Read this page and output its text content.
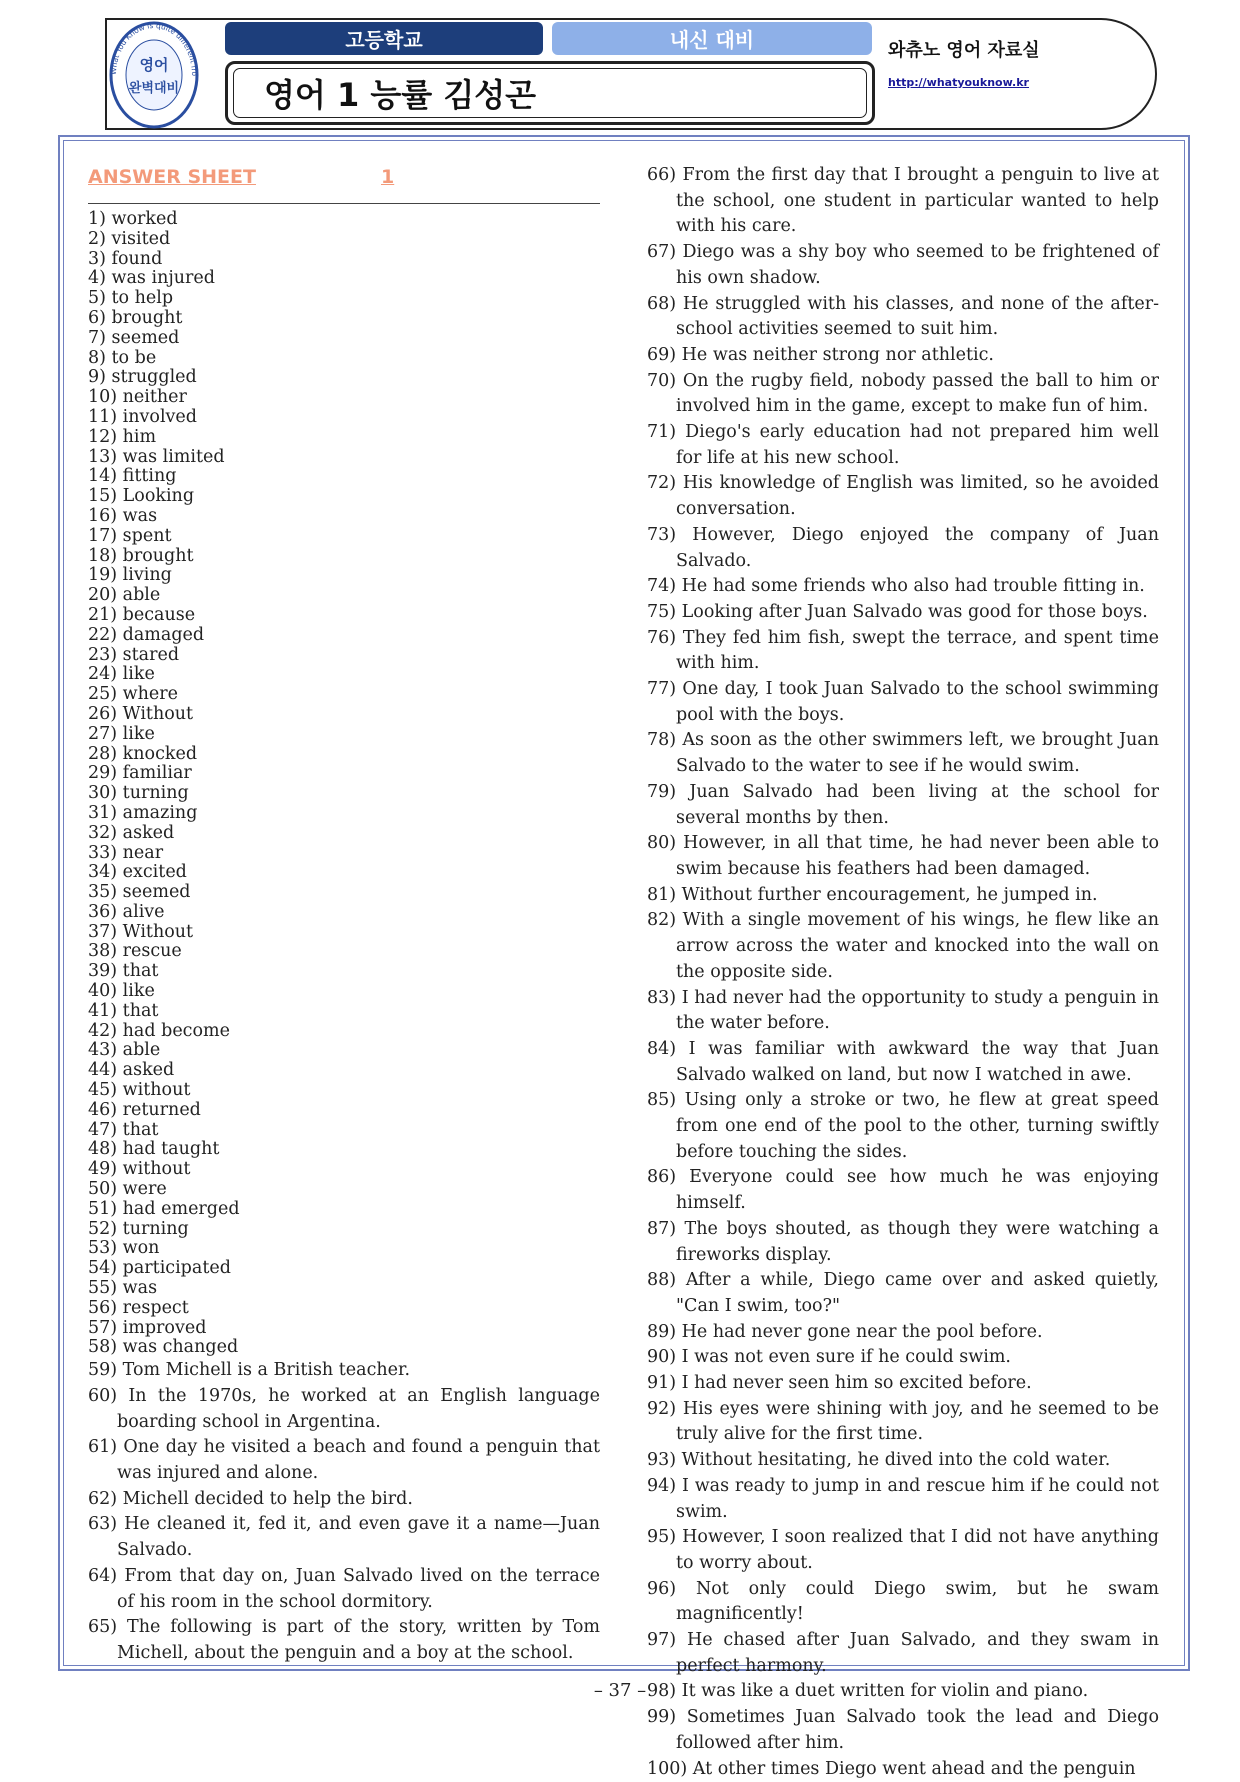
영어
완벽대비
What You Know is quite different fro
고등학교	내신 대비
영어 1 능률 김성곤
와츄노 영어 자료실
http://whatyouknow.kr
ANSWER SHEET	1
1) worked
2) visited
3) found
4) was injured
5) to help
6) brought
7) seemed
8) to be
9) struggled
10) neither
11) involved
12) him
13) was limited
14) fitting
15) Looking
16) was
17) spent
18) brought
19) living
20) able
21) because
22) damaged
23) stared
24) like
25) where
26) Without
27) like
28) knocked
29) familiar
30) turning
31) amazing
32) asked
33) near
34) excited
35) seemed
36) alive
37) Without
38) rescue
39) that
40) like
41) that
42) had become
43) able
44) asked
45) without
46) returned
47) that
48) had taught
49) without
50) were
51) had emerged
52) turning
53) won
54) participated
55) was
56) respect
57) improved
58) was changed
59) Tom Michell is a British teacher.
60) In the 1970s, he worked at an English language boarding school in Argentina.
61) One day he visited a beach and found a penguin that was injured and alone.
62) Michell decided to help the bird.
63) He cleaned it, fed it, and even gave it a name—Juan Salvado.
64) From that day on, Juan Salvado lived on the terrace of his room in the school dormitory.
65) The following is part of the story, written by Tom Michell, about the penguin and a boy at the school.
66) From the first day that I brought a penguin to live at the school, one student in particular wanted to help with his care.
67) Diego was a shy boy who seemed to be frightened of his own shadow.
68) He struggled with his classes, and none of the after-school activities seemed to suit him.
69) He was neither strong nor athletic.
70) On the rugby field, nobody passed the ball to him or involved him in the game, except to make fun of him.
71) Diego's early education had not prepared him well for life at his new school.
72) His knowledge of English was limited, so he avoided conversation.
73) However, Diego enjoyed the company of Juan Salvado.
74) He had some friends who also had trouble fitting in.
75) Looking after Juan Salvado was good for those boys.
76) They fed him fish, swept the terrace, and spent time with him.
77) One day, I took Juan Salvado to the school swimming pool with the boys.
78) As soon as the other swimmers left, we brought Juan Salvado to the water to see if he would swim.
79) Juan Salvado had been living at the school for several months by then.
80) However, in all that time, he had never been able to swim because his feathers had been damaged.
81) Without further encouragement, he jumped in.
82) With a single movement of his wings, he flew like an arrow across the water and knocked into the wall on the opposite side.
83) I had never had the opportunity to study a penguin in the water before.
84) I was familiar with awkward the way that Juan Salvado walked on land, but now I watched in awe.
85) Using only a stroke or two, he flew at great speed from one end of the pool to the other, turning swiftly before touching the sides.
86) Everyone could see how much he was enjoying himself.
87) The boys shouted, as though they were watching a fireworks display.
88) After a while, Diego came over and asked quietly, "Can I swim, too?"
89) He had never gone near the pool before.
90) I was not even sure if he could swim.
91) I had never seen him so excited before.
92) His eyes were shining with joy, and he seemed to be truly alive for the first time.
93) Without hesitating, he dived into the cold water.
94) I was ready to jump in and rescue him if he could not swim.
95) However, I soon realized that I did not have anything to worry about.
96) Not only could Diego swim, but he swam magnificently!
97) He chased after Juan Salvado, and they swam in perfect harmony.
98) It was like a duet written for violin and piano.
99) Sometimes Juan Salvado took the lead and Diego followed after him.
100) At other times Diego went ahead and the penguin
– 37 –
